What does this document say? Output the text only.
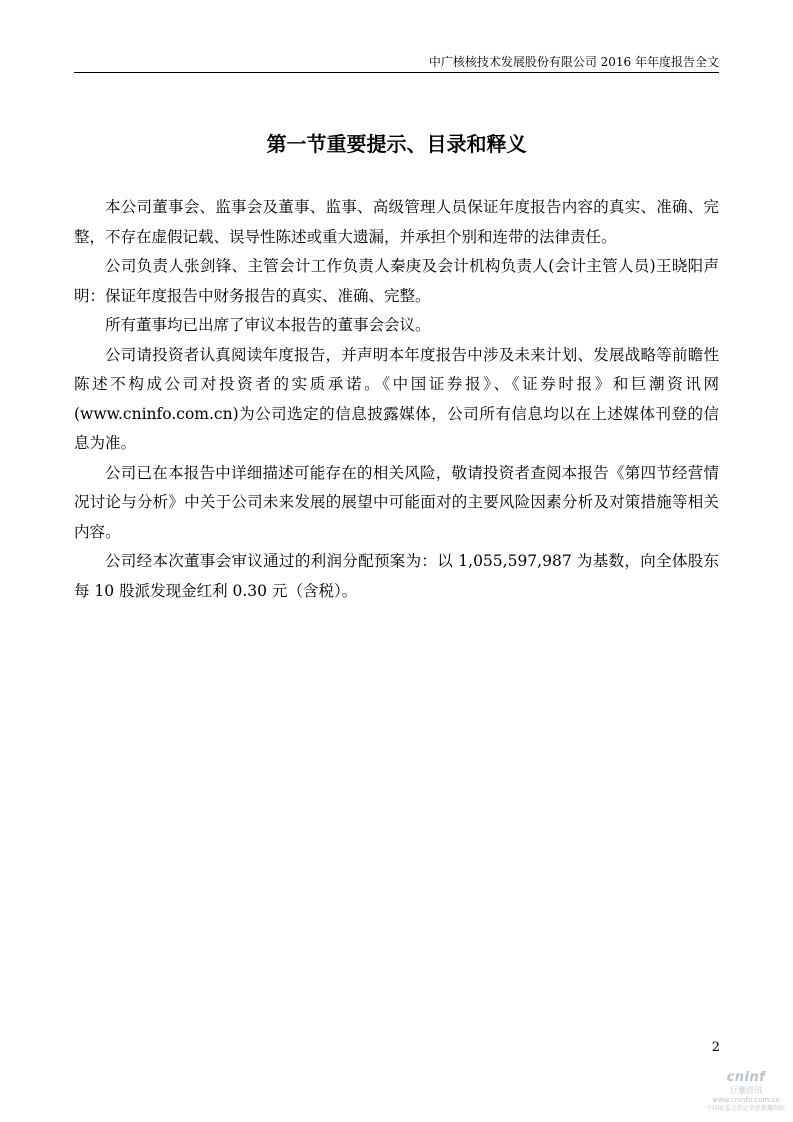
中广核核技术发展股份有限公司 2016 年年度报告全文
第一节重要提示、目录和释义

本公司董事会、监事会及董事、监事、高级管理人员保证年度报告内容的真实、准确、完整，不存在虚假记载、误导性陈述或重大遗漏，并承担个别和连带的法律责任。

公司负责人张剑锋、主管会计工作负责人秦庚及会计机构负责人(会计主管人员)王晓阳声明：保证年度报告中财务报告的真实、准确、完整。

所有董事均已出席了审议本报告的董事会会议。

公司请投资者认真阅读年度报告，并声明本年度报告中涉及未来计划、发展战略等前瞻性陈述不构成公司对投资者的实质承诺。《中国证券报》、《证券时报》和巨潮资讯网(www.cninfo.com.cn)为公司选定的信息披露媒体，公司所有信息均以在上述媒体刊登的信息为准。

公司已在本报告中详细描述可能存在的相关风险，敬请投资者查阅本报告《第四节经营情况讨论与分析》中关于公司未来发展的展望中可能面对的主要风险因素分析及对策措施等相关内容。

公司经本次董事会审议通过的利润分配预案为：以 1,055,597,987 为基数，向全体股东每 10 股派发现金红利 0.30 元（含税）。

2
cninf
巨潮资讯
www.cninfo.com.cn
中国证监会指定信息披露网站
